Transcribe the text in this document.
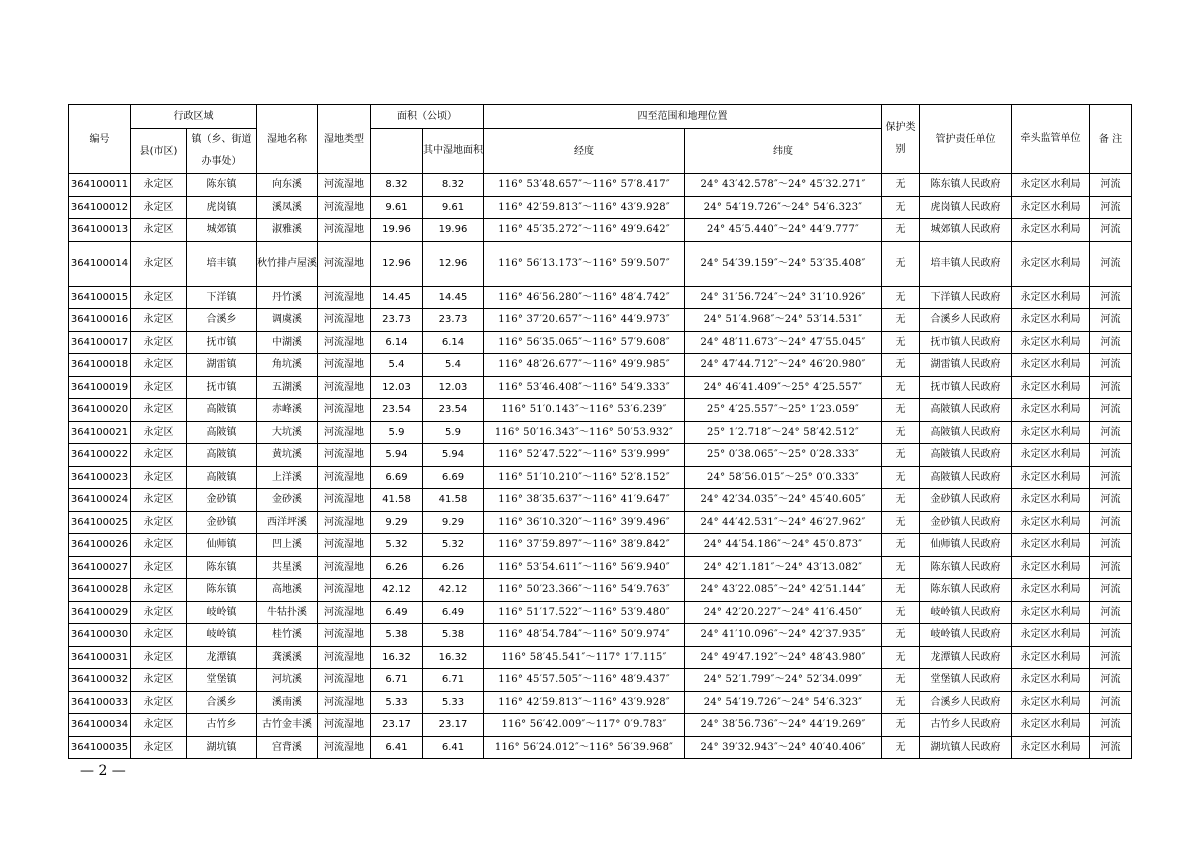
编号	行政区域		湿地名称	湿地类型	面积（公顷）		四至范围和地理位置		保护类别	管护责任单位	牵头监管单位	备 注
	县(市区)	镇（乡、街道办事处）				其中湿地面积	经度	纬度				

364100011	永定区	陈东镇	向东溪	河流湿地	8.32	8.32	116° 53′48.657″～116° 57′8.417″	24° 43′42.578″～24° 45′32.271″	无	陈东镇人民政府	永定区水利局	河流
364100012	永定区	虎岗镇	溪凤溪	河流湿地	9.61	9.61	116° 42′59.813″～116° 43′9.928″	24° 54′19.726″～24° 54′6.323″	无	虎岗镇人民政府	永定区水利局	河流
364100013	永定区	城郊镇	淑雅溪	河流湿地	19.96	19.96	116° 45′35.272″～116° 49′9.642″	24° 45′5.440″～24° 44′9.777″	无	城郊镇人民政府	永定区水利局	河流
364100014	永定区	培丰镇	秋竹排卢屋溪	河流湿地	12.96	12.96	116° 56′13.173″～116° 59′9.507″	24° 54′39.159″～24° 53′35.408″	无	培丰镇人民政府	永定区水利局	河流
364100015	永定区	下洋镇	丹竹溪	河流湿地	14.45	14.45	116° 46′56.280″～116° 48′4.742″	24° 31′56.724″～24° 31′10.926″	无	下洋镇人民政府	永定区水利局	河流
364100016	永定区	合溪乡	调虞溪	河流湿地	23.73	23.73	116° 37′20.657″～116° 44′9.973″	24° 51′4.968″～24° 53′14.531″	无	合溪乡人民政府	永定区水利局	河流
364100017	永定区	抚市镇	中湖溪	河流湿地	6.14	6.14	116° 56′35.065″～116° 57′9.608″	24° 48′11.673″～24° 47′55.045″	无	抚市镇人民政府	永定区水利局	河流
364100018	永定区	湖雷镇	角坑溪	河流湿地	5.4	5.4	116° 48′26.677″～116° 49′9.985″	24° 47′44.712″～24° 46′20.980″	无	湖雷镇人民政府	永定区水利局	河流
364100019	永定区	抚市镇	五湖溪	河流湿地	12.03	12.03	116° 53′46.408″～116° 54′9.333″	24° 46′41.409″～25° 4′25.557″	无	抚市镇人民政府	永定区水利局	河流
364100020	永定区	高陂镇	赤峰溪	河流湿地	23.54	23.54	116° 51′0.143″～116° 53′6.239″	25° 4′25.557″～25° 1′23.059″	无	高陂镇人民政府	永定区水利局	河流
364100021	永定区	高陂镇	大坑溪	河流湿地	5.9	5.9	116° 50′16.343″～116° 50′53.932″	25° 1′2.718″～24° 58′42.512″	无	高陂镇人民政府	永定区水利局	河流
364100022	永定区	高陂镇	黄坑溪	河流湿地	5.94	5.94	116° 52′47.522″～116° 53′9.999″	25° 0′38.065″～25° 0′28.333″	无	高陂镇人民政府	永定区水利局	河流
364100023	永定区	高陂镇	上洋溪	河流湿地	6.69	6.69	116° 51′10.210″～116° 52′8.152″	24° 58′56.015″～25° 0′0.333″	无	高陂镇人民政府	永定区水利局	河流
364100024	永定区	金砂镇	金砂溪	河流湿地	41.58	41.58	116° 38′35.637″～116° 41′9.647″	24° 42′34.035″～24° 45′40.605″	无	金砂镇人民政府	永定区水利局	河流
364100025	永定区	金砂镇	西洋坪溪	河流湿地	9.29	9.29	116° 36′10.320″～116° 39′9.496″	24° 44′42.531″～24° 46′27.962″	无	金砂镇人民政府	永定区水利局	河流
364100026	永定区	仙师镇	凹上溪	河流湿地	5.32	5.32	116° 37′59.897″～116° 38′9.842″	24° 44′54.186″～24° 45′0.873″	无	仙师镇人民政府	永定区水利局	河流
364100027	永定区	陈东镇	共星溪	河流湿地	6.26	6.26	116° 53′54.611″～116° 56′9.940″	24° 42′1.181″～24° 43′13.082″	无	陈东镇人民政府	永定区水利局	河流
364100028	永定区	陈东镇	高地溪	河流湿地	42.12	42.12	116° 50′23.366″～116° 54′9.763″	24° 43′22.085″～24° 42′51.144″	无	陈东镇人民政府	永定区水利局	河流
364100029	永定区	岐岭镇	牛牯扑溪	河流湿地	6.49	6.49	116° 51′17.522″～116° 53′9.480″	24° 42′20.227″～24° 41′6.450″	无	岐岭镇人民政府	永定区水利局	河流
364100030	永定区	岐岭镇	桂竹溪	河流湿地	5.38	5.38	116° 48′54.784″～116° 50′9.974″	24° 41′10.096″～24° 42′37.935″	无	岐岭镇人民政府	永定区水利局	河流
364100031	永定区	龙潭镇	龚溪溪	河流湿地	16.32	16.32	116° 58′45.541″～117° 1′7.115″	24° 49′47.192″～24° 48′43.980″	无	龙潭镇人民政府	永定区水利局	河流
364100032	永定区	堂堡镇	河坑溪	河流湿地	6.71	6.71	116° 45′57.505″～116° 48′9.437″	24° 52′1.799″～24° 52′34.099″	无	堂堡镇人民政府	永定区水利局	河流
364100033	永定区	合溪乡	溪南溪	河流湿地	5.33	5.33	116° 42′59.813″～116° 43′9.928″	24° 54′19.726″～24° 54′6.323″	无	合溪乡人民政府	永定区水利局	河流
364100034	永定区	古竹乡	古竹金丰溪	河流湿地	23.17	23.17	116° 56′42.009″～117° 0′9.783″	24° 38′56.736″～24° 44′19.269″	无	古竹乡人民政府	永定区水利局	河流
364100035	永定区	湖坑镇	宫背溪	河流湿地	6.41	6.41	116° 56′24.012″～116° 56′39.968″	24° 39′32.943″～24° 40′40.406″	无	湖坑镇人民政府	永定区水利局	河流
— 2 —
